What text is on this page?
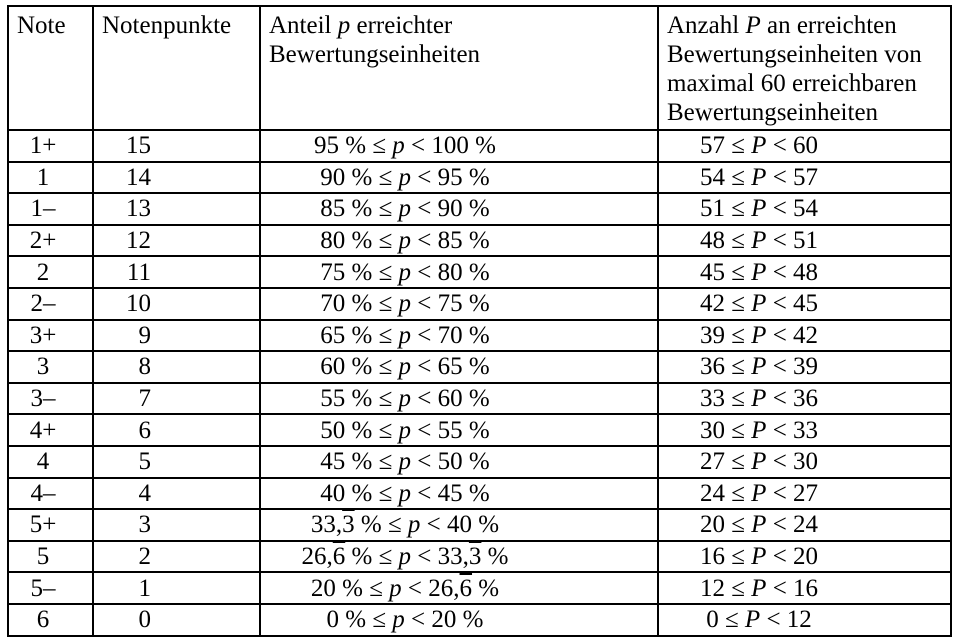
Note	Notenpunkte	Anteil p erreichter Bewertungseinheiten	Anzahl P an erreichten Bewertungseinheiten von maximal 60 erreichbaren Bewertungseinheiten
1+	15	95 % ≤ p < 100 %	57 ≤ P < 60
1	14	90 % ≤ p < 95 %	54 ≤ P < 57
1–	13	85 % ≤ p < 90 %	51 ≤ P < 54
2+	12	80 % ≤ p < 85 %	48 ≤ P < 51
2	11	75 % ≤ p < 80 %	45 ≤ P < 48
2–	10	70 % ≤ p < 75 %	42 ≤ P < 45
3+	9	65 % ≤ p < 70 %	39 ≤ P < 42
3	8	60 % ≤ p < 65 %	36 ≤ P < 39
3–	7	55 % ≤ p < 60 %	33 ≤ P < 36
4+	6	50 % ≤ p < 55 %	30 ≤ P < 33
4	5	45 % ≤ p < 50 %	27 ≤ P < 30
4–	4	40 % ≤ p < 45 %	24 ≤ P < 27
5+	3	33,3 % ≤ p < 40 %	20 ≤ P < 24
5	2	26,6 % ≤ p < 33,3 %	16 ≤ P < 20
5–	1	20 % ≤ p < 26,6 %	12 ≤ P < 16
6	0	0 % ≤ p < 20 %	0 ≤ P < 12
